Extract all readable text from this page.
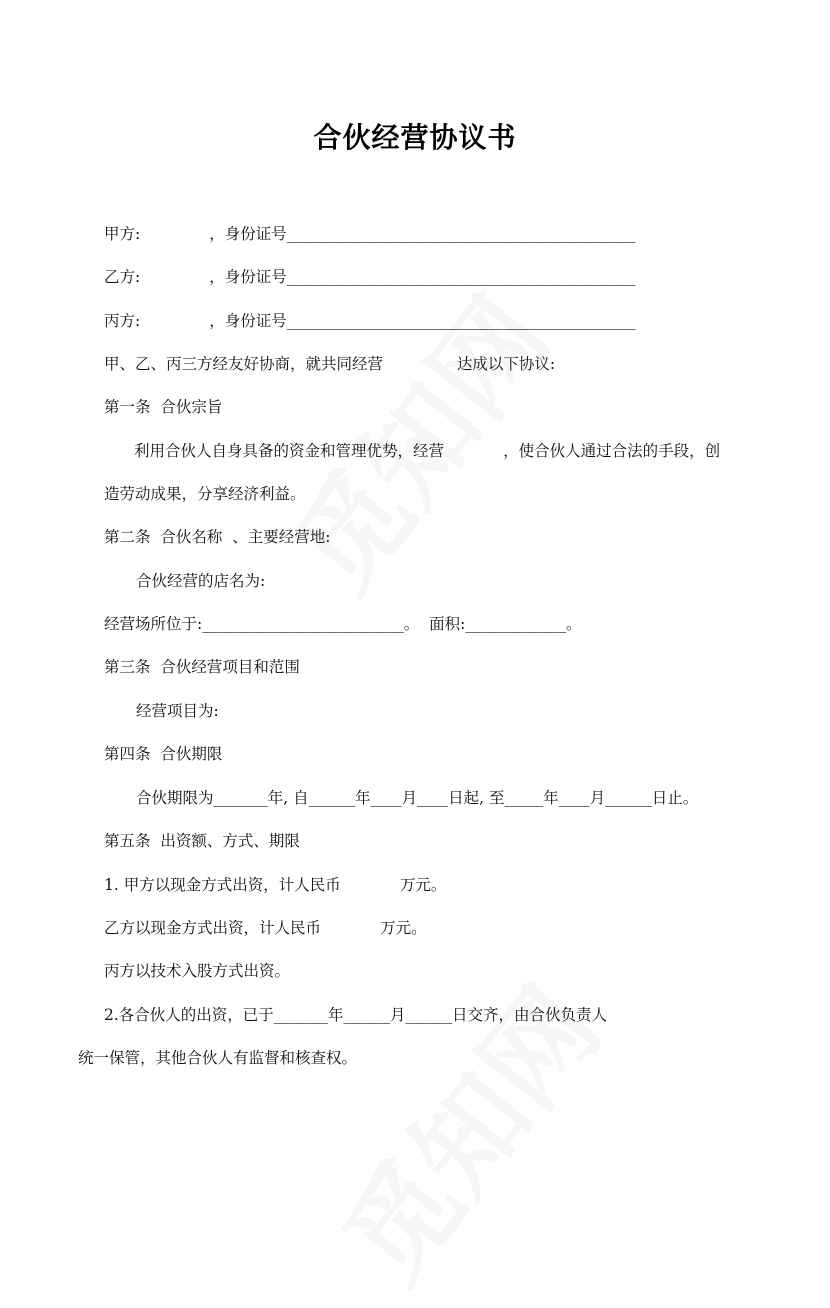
合伙经营协议书
甲方:              ，身份证号_____________________________________________
乙方:              ，身份证号_____________________________________________
丙方:              ，身份证号_____________________________________________
甲、乙、丙三方经友好协商，就共同经营               达成以下协议:
第一条  合伙宗旨
利用合伙人自身具备的资金和管理优势，经营            ，使合伙人通过合法的手段，创
造劳动成果，分享经济利益。
第二条  合伙名称  、主要经营地:
合伙经营的店名为:
经营场所位于:__________________________。  面积:_____________。
第三条  合伙经营项目和范围
经营项目为:
第四条  合伙期限
合伙期限为_______年, 自______年____月____日起, 至_____年____月______日止。
第五条  出资额、方式、期限
1. 甲方以现金方式出资，计人民币            万元。
乙方以现金方式出资，计人民币            万元。
丙方以技术入股方式出资。
2.各合伙人的出资，已于_______年______月______日交齐，由合伙负责人
统一保管，其他合伙人有监督和核查权。
